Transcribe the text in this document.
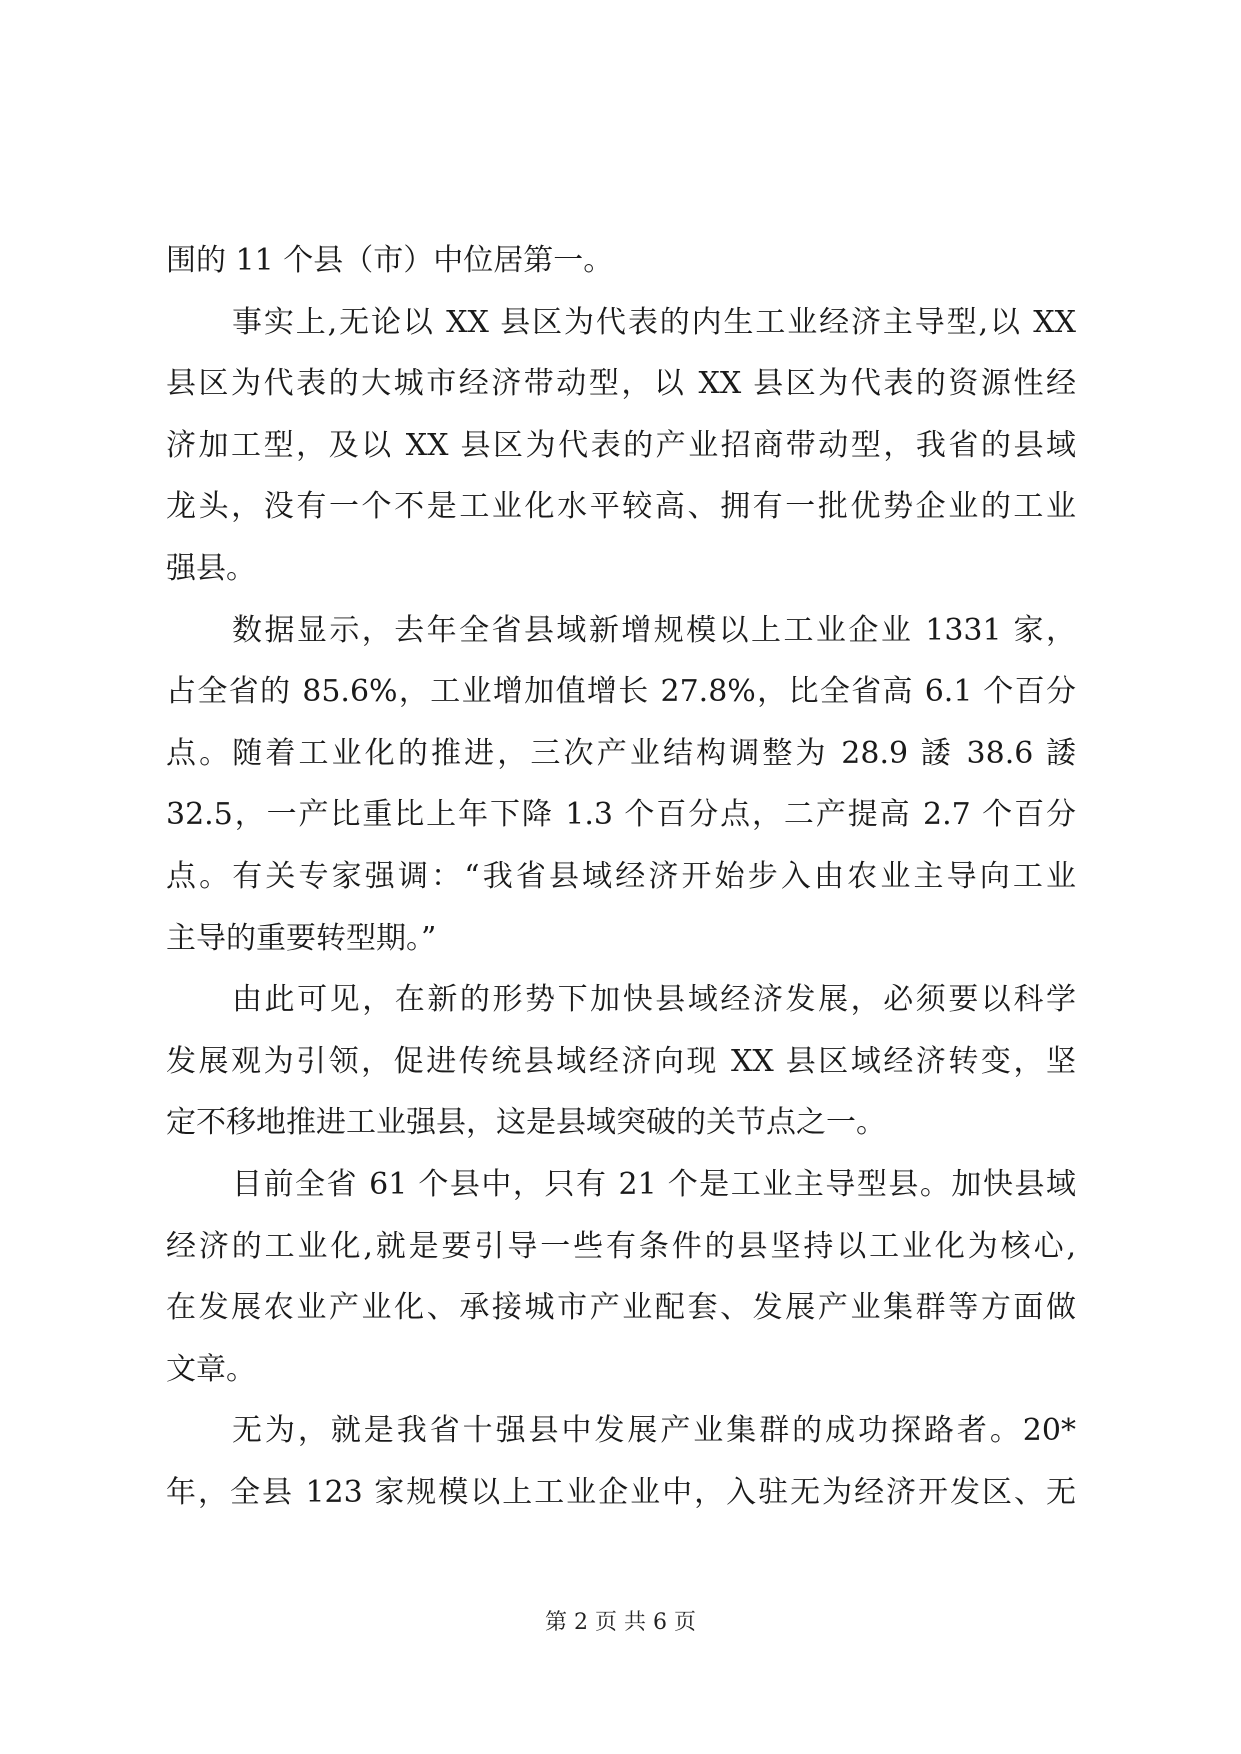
围的 11 个县（市）中位居第一。
事实上,无论以 XX 县区为代表的内生工业经济主导型,以 XX
县区为代表的大城市经济带动型，以 XX 县区为代表的资源性经
济加工型，及以 XX 县区为代表的产业招商带动型，我省的县域
龙头，没有一个不是工业化水平较高、拥有一批优势企业的工业
强县。
数据显示，去年全省县域新增规模以上工业企业 1331 家，
占全省的 85.6%，工业增加值增长 27.8%，比全省高 6.1 个百分
点。随着工业化的推进，三次产业结构调整为 28.9 諉 38.6 諉
32.5，一产比重比上年下降 1.3 个百分点，二产提高 2.7 个百分
点。有关专家强调：“我省县域经济开始步入由农业主导向工业
主导的重要转型期。”
由此可见，在新的形势下加快县域经济发展，必须要以科学
发展观为引领，促进传统县域经济向现 XX 县区域经济转变，坚
定不移地推进工业强县，这是县域突破的关节点之一。
目前全省 61 个县中，只有 21 个是工业主导型县。加快县域
经济的工业化,就是要引导一些有条件的县坚持以工业化为核心,
在发展农业产业化、承接城市产业配套、发展产业集群等方面做
文章。
无为，就是我省十强县中发展产业集群的成功探路者。20*
年，全县 123 家规模以上工业企业中，入驻无为经济开发区、无
第 2 页 共 6 页
